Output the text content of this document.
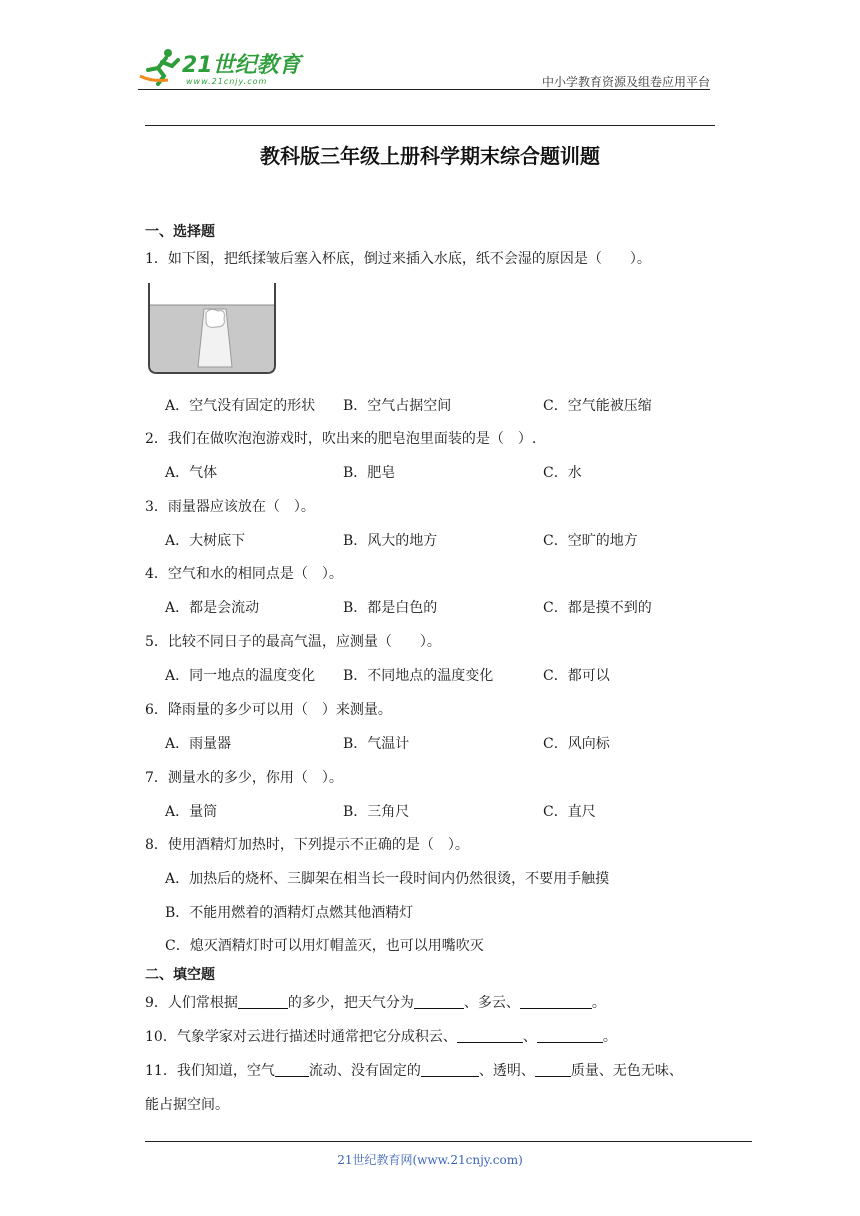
21世纪教育
www.21cnjy.com	中小学教育资源及组卷应用平台
教科版三年级上册科学期末综合题训题
一、选择题
1．如下图，把纸揉皱后塞入杯底，倒过来插入水底，纸不会湿的原因是（　　）。
A．空气没有固定的形状 B．空气占据空间	C．空气能被压缩
2．我们在做吹泡泡游戏时，吹出来的肥皂泡里面装的是（　）.
A．气体	B．肥皂	C．水
3．雨量器应该放在（　）。
A．大树底下	B．风大的地方	C．空旷的地方
4．空气和水的相同点是（　）。
A．都是会流动	B．都是白色的	C．都是摸不到的
5．比较不同日子的最高气温，应测量（　　）。
A．同一地点的温度变化 B．不同地点的温度变化	C．都可以
6．降雨量的多少可以用（　）来测量。
A．雨量器	B．气温计	C．风向标
7．测量水的多少，你用（　）。
A．量筒	B．三角尺	C．直尺
8．使用酒精灯加热时，下列提示不正确的是（　）。
A．加热后的烧杯、三脚架在相当长一段时间内仍然很烫，不要用手触摸
B．不能用燃着的酒精灯点燃其他酒精灯
C．熄灭酒精灯时可以用灯帽盖灭，也可以用嘴吹灭
二、填空题
9．人们常根据	的多少，把天气分为	、多云、	。
10．气象学家对云进行描述时通常把它分成积云、	、	。
11．我们知道，空气 流动、没有固定的	、透明、	质量、无色无味、
能占据空间。
21世纪教育网(www.21cnjy.com)
